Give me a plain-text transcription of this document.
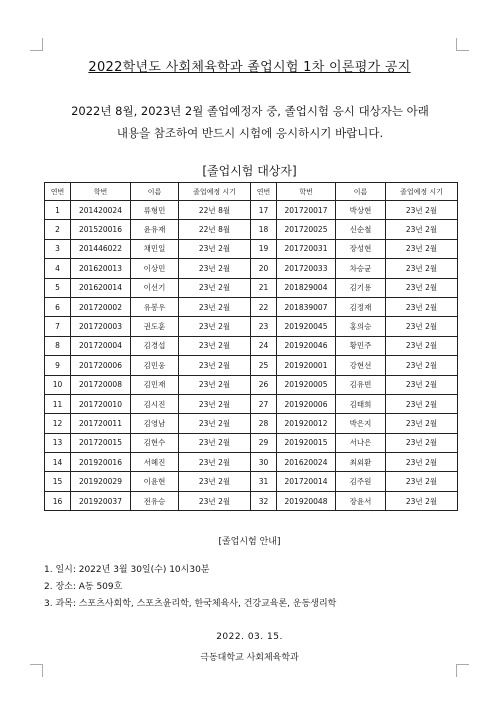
2022학년도 사회체육학과 졸업시험 1차 이론평가 공지
2022년 8월, 2023년 2월 졸업예정자 중, 졸업시험 응시 대상자는 아래
내용을 참조하여 반드시 시험에 응시하시기 바랍니다.
[졸업시험 대상자]
연번	학번	이름	졸업예정 시기	연번	학번	이름	졸업예정 시기
1	201420024	류형민	22년 8월	17	201720017	박상현	23년 2월
2	201520016	윤유재	22년 8월	18	201720025	신순철	23년 2월
3	201446022	채민일	23년 2월	19	201720031	장성현	23년 2월
4	201620013	이상민	23년 2월	20	201720033	차승균	23년 2월
5	201620014	이선기	23년 2월	21	201829004	김기용	23년 2월
6	201720002	유봉우	23년 2월	22	201839007	김정재	23년 2월
7	201720003	권도훈	23년 2월	23	201920045	홍의승	23년 2월
8	201720004	김경섭	23년 2월	24	201920046	황민주	23년 2월
9	201720006	김민웅	23년 2월	25	201920001	강현선	23년 2월
10	201720008	김민재	23년 2월	26	201920005	김유빈	23년 2월
11	201720010	김시진	23년 2월	27	201920006	김태희	23년 2월
12	201720011	김영남	23년 2월	28	201920012	박은지	23년 2월
13	201720015	김현수	23년 2월	29	201920015	서나은	23년 2월
14	201920016	서혜진	23년 2월	30	201620024	최외환	23년 2월
15	201920029	이윤현	23년 2월	31	201720014	김주원	23년 2월
16	201920037	전유승	23년 2월	32	201920048	장윤서	23년 2월
[졸업시험 안내]
1. 일시: 2022년 3월 30일(수) 10시30분
2. 장소: A동 509호
3. 과목: 스포츠사회학, 스포츠윤리학, 한국체육사, 건강교육론, 운동생리학
2022. 03. 15.
극동대학교 사회체육학과
